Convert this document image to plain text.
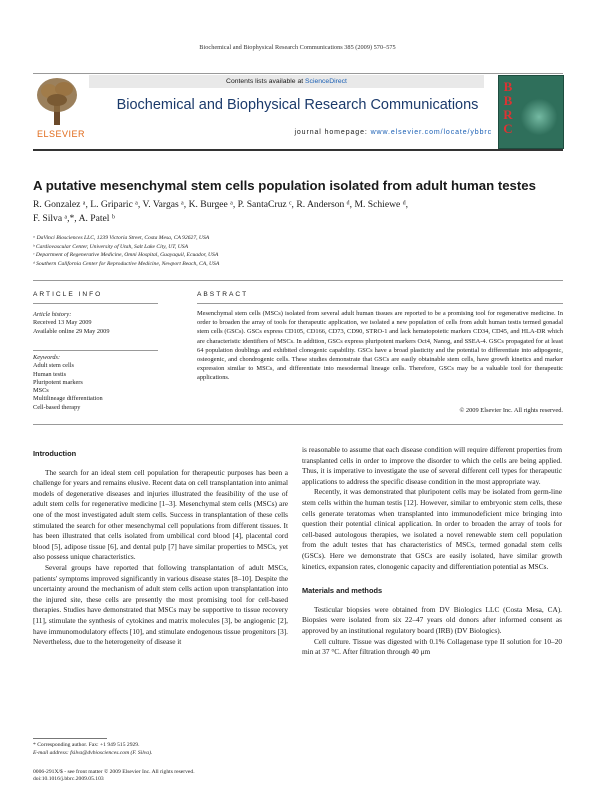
Biochemical and Biophysical Research Communications 385 (2009) 570–575
Contents lists available at ScienceDirect
ELSEVIER
Biochemical and Biophysical Research Communications
journal homepage: www.elsevier.com/locate/ybbrc
B
B
R
C
A putative mesenchymal stem cells population isolated from adult human testes
R. Gonzalez ᵃ, L. Griparic ᵃ, V. Vargas ᵃ, K. Burgee ᵃ, P. SantaCruz ᶜ, R. Anderson ᵈ, M. Schiewe ᵈ,
F. Silva ᵃ,*, A. Patel ᵇ
ᵃ DaVinci Biosciences LLC, 1239 Victoria Street, Costa Mesa, CA 92627, USA
ᵇ Cardiovascular Center, University of Utah, Salt Lake City, UT, USA
ᶜ Department of Regenerative Medicine, Omni Hospital, Guayaquil, Ecuador, USA
ᵈ Southern California Center for Reproductive Medicine, Newport Beach, CA, USA
ARTICLE INFO	ABSTRACT
Article history:
Received 13 May 2009
Available online 29 May 2009
Keywords:
Adult stem cells
Human testis
Pluripotent markers
MSCs
Multilineage differentiation
Cell-based therapy
Mesenchymal stem cells (MSCs) isolated from several adult human tissues are reported to be a promising tool for regenerative medicine. In order to broaden the array of tools for therapeutic application, we isolated a new population of cells from adult human testis termed gonadal stem cells (GSCs). GSCs express CD105, CD166, CD73, CD90, STRO-1 and lack hematopoietic markers CD34, CD45, and HLA-DR which are characteristic identifiers of MSCs. In addition, GSCs express pluripotent markers Oct4, Nanog, and SSEA-4. GSCs propagated for at least 64 population doublings and exhibited clonogenic capability. GSCs have a broad plasticity and the potential to differentiate into adipogenic, osteogenic, and chondrogenic cells. These studies demonstrate that GSCs are easily obtainable stem cells, have growth kinetics and marker expression similar to MSCs, and differentiate into mesodermal lineage cells. Therefore, GSCs may be a valuable tool for therapeutic applications.
© 2009 Elsevier Inc. All rights reserved.
Introduction

The search for an ideal stem cell population for therapeutic purposes has been a challenge for years and remains elusive. Recent data on cell transplantation into animal models of degenerative diseases and injuries illustrated the feasibility of the use of adult stem cells for regenerative medicine [1–3]. Mesenchymal stem cells (MSCs) are one of the most investigated adult stem cells. Success in transplantation of these cells stimulated the search for other mesenchymal cell populations from different tissues. It has been illustrated that cells isolated from umbilical cord blood [4], placental cord blood [5], adipose tissue [6], and dental pulp [7] have similar properties to MSCs, yet also possess unique characteristics.

Several groups have reported that following transplantation of adult MSCs, patients' symptoms improved significantly in various disease states [8–10]. Despite the uncertainty around the mechanism of adult stem cells action upon transplantation into the injured site, these cells are presently the most promising tool for cell-based therapies. Studies have demonstrated that MSCs may be supportive to tissue recovery [11], stimulate the synthesis of cytokines and matrix molecules [3], be angiogenic [2], have immunomodulatory effects [10], and stimulate endogenous tissue progenitors [3]. Nevertheless, due to the heterogeneity of disease it

is reasonable to assume that each disease condition will require different properties from transplanted cells in order to improve the disorder to which the cells are being applied. Thus, it is imperative to investigate the use of several different cell types for therapeutic applications to address the specific disease condition in the most appropriate way.

Recently, it was demonstrated that pluripotent cells may be isolated from germ-line stem cells within the human testis [12]. However, similar to embryonic stem cells, these cells generate teratomas when transplanted into immunodeficient mice bringing into question their potential clinical application. In order to broaden the array of tools for cell-based autologous therapies, we isolated a novel renewable stem cell population from the adult testes that has characteristics of MSCs, termed gonadal stem cells (GSCs). Here we demonstrate that GSCs are easily isolated, have similar growth kinetics, expansion rates, clonogenic capacity and differentiation potential as MSCs.

Materials and methods

Testicular biopsies were obtained from DV Biologics LLC (Costa Mesa, CA). Biopsies were isolated from six 22–47 years old donors after informed consent as approved by an institutional regulatory board (IRB) (DV Biologics).

Cell culture. Tissue was digested with 0.1% Collagenase type II solution for 10–20 min at 37 °C. After filtration through 40 μm

* Corresponding author. Fax: +1 949 515 2929.
E-mail address: fsilva@dvbiosciences.com (F. Silva).
0006-291X/$ - see front matter © 2009 Elsevier Inc. All rights reserved.
doi:10.1016/j.bbrc.2009.05.103
